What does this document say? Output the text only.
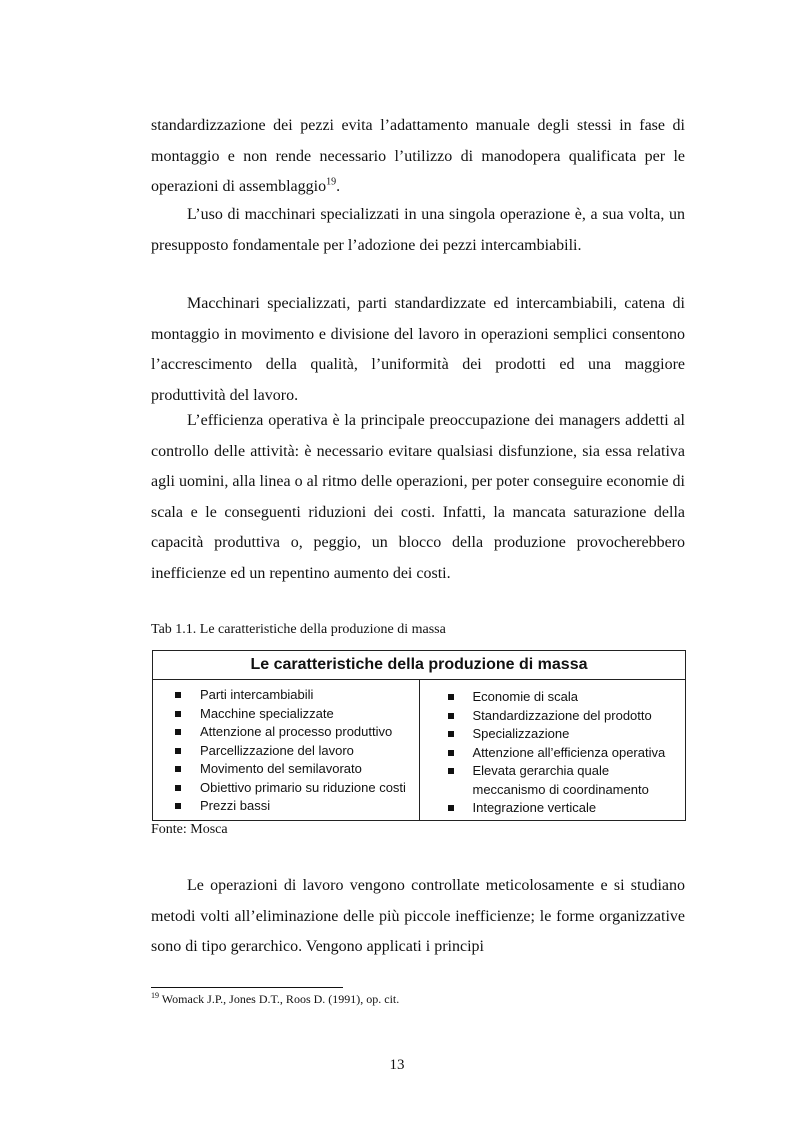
standardizzazione dei pezzi evita l’adattamento manuale degli stessi in fase di montaggio e non rende necessario l’utilizzo di manodopera qualificata per le operazioni di assemblaggio$^{19}$.

L’uso di macchinari specializzati in una singola operazione è, a sua volta, un presupposto fondamentale per l’adozione dei pezzi intercambiabili.

Macchinari specializzati, parti standardizzate ed intercambiabili, catena di montaggio in movimento e divisione del lavoro in operazioni semplici consentono l’accrescimento della qualità, l’uniformità dei prodotti ed una maggiore produttività del lavoro.

L’efficienza operativa è la principale preoccupazione dei managers addetti al controllo delle attività: è necessario evitare qualsiasi disfunzione, sia essa relativa agli uomini, alla linea o al ritmo delle operazioni, per poter conseguire economie di scala e le conseguenti riduzioni dei costi. Infatti, la mancata saturazione della capacità produttiva o, peggio, un blocco della produzione provocherebbero inefficienze ed un repentino aumento dei costi.

Tab 1.1. Le caratteristiche della produzione di massa
Le caratteristiche della produzione di massa

Parti intercambiabili
Macchine specializzate
Attenzione al processo produttivo
Parcellizzazione del lavoro
Movimento del semilavorato
Obiettivo primario su riduzione costi
Prezzi bassi

Economie di scala
Standardizzazione del prodotto
Specializzazione
Attenzione all’efficienza operativa
Elevata gerarchia quale meccanismo di coordinamento
Integrazione verticale
Fonte: Mosca

Le operazioni di lavoro vengono controllate meticolosamente e si studiano metodi volti all’eliminazione delle più piccole inefficienze; le forme organizzative sono di tipo gerarchico. Vengono applicati i principi

$^{19}$ Womack J.P., Jones D.T., Roos D. (1991), op. cit.
13
